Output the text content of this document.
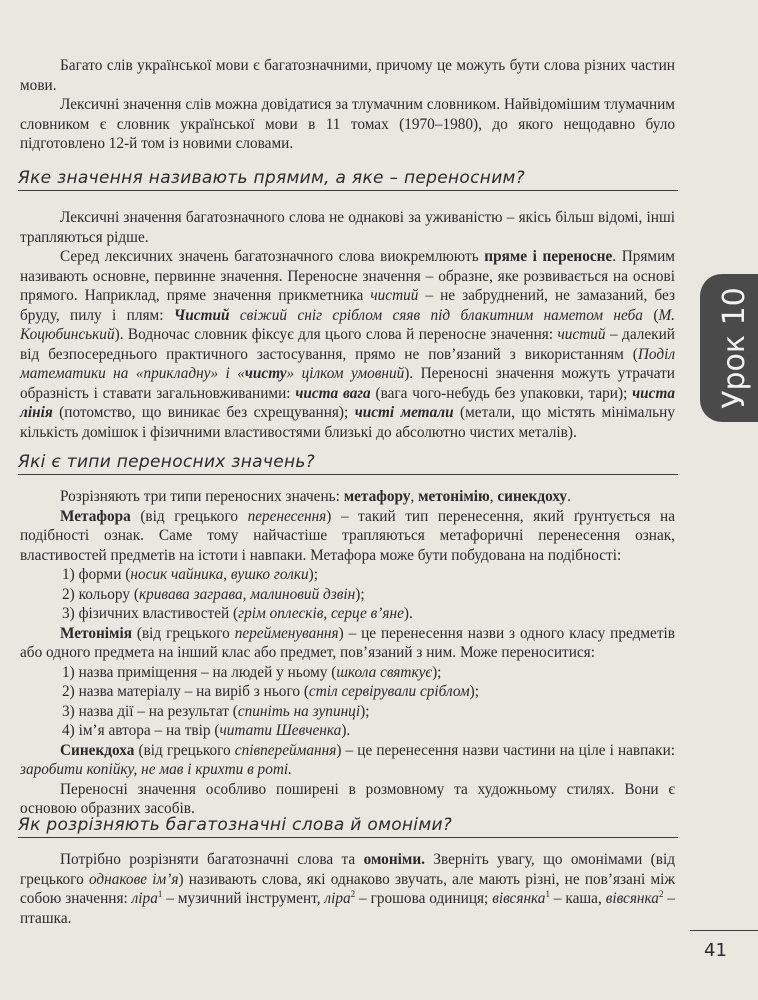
Багато слів української мови є багатозначними, причому це можуть бути слова різних частин мови.

Лексичні значення слів можна довідатися за тлумачним словником. Найвідомішим тлумачним словником є словник української мови в 11 томах (1970–1980), до якого нещодавно було підготовлено 12-й том із новими словами.

Яке значення називають прямим, а яке – переносним?

Лексичні значення багатозначного слова не однакові за уживаністю – якісь більш відомі, інші трапляються рідше.

Серед лексичних значень багатозначного слова виокремлюють пряме і переносне. Прямим називають основне, первинне значення. Переносне значення – образне, яке розвивається на основі прямого. Наприклад, пряме значення прикметника чистий – не забруднений, не замазаний, без бруду, пилу і плям: Чистий свіжий сніг сріблом сяяв під блакитним наметом неба (М. Коцюбинський). Водночас словник фіксує для цього слова й переносне значення: чистий – далекий від безпосереднього практичного застосування, прямо не пов’язаний з використанням (Поділ математики на «прикладну» і «чисту» цілком умовний). Переносні значення можуть утрачати образність і ставати загальновживаними: чиста вага (вага чого-небудь без упаковки, тари); чиста лінія (потомство, що виникає без схрещування); чисті метали (метали, що містять мінімальну кількість домішок і фізичними властивостями близькі до абсолютно чистих металів).

Які є типи переносних значень?

Розрізняють три типи переносних значень: метафору, метонімію, синекдоху.

Метафора (від грецького перенесення) – такий тип перенесення, який ґрунтується на подібності ознак. Саме тому найчастіше трапляються метафоричні перенесення ознак, властивостей предметів на істоти і навпаки. Метафора може бути побудована на подібності:

1) форми (носик чайника, вушко голки);

2) кольору (кривава заграва, малиновий дзвін);

3) фізичних властивостей (грім оплесків, серце в’яне).

Метонімія (від грецького перейменування) – це перенесення назви з одного класу предметів або одного предмета на інший клас або предмет, пов’язаний з ним. Може переноситися:

1) назва приміщення – на людей у ньому (школа святкує);

2) назва матеріалу – на виріб з нього (стіл сервірували сріблом);

3) назва дії – на результат (спиніть на зупинці);

4) ім’я автора – на твір (читати Шевченка).

Синекдоха (від грецького співпереймання) – це перенесення назви частини на ціле і навпаки: заробити копійку, не мав і крихти в роті.

Переносні значення особливо поширені в розмовному та художньому стилях. Вони є основою образних засобів.

Як розрізняють багатозначні слова й омоніми?

Потрібно розрізняти багатозначні слова та омоніми. Зверніть увагу, що омонімами (від грецького однакове ім’я) називають слова, які однаково звучать, але мають різні, не пов’язані між собою значення: ліра$^1$ – музичний інструмент, ліра$^2$ – грошова одиниця; вівсянка$^1$ – каша, вівсянка$^2$ – пташка.

Урок 10
41
